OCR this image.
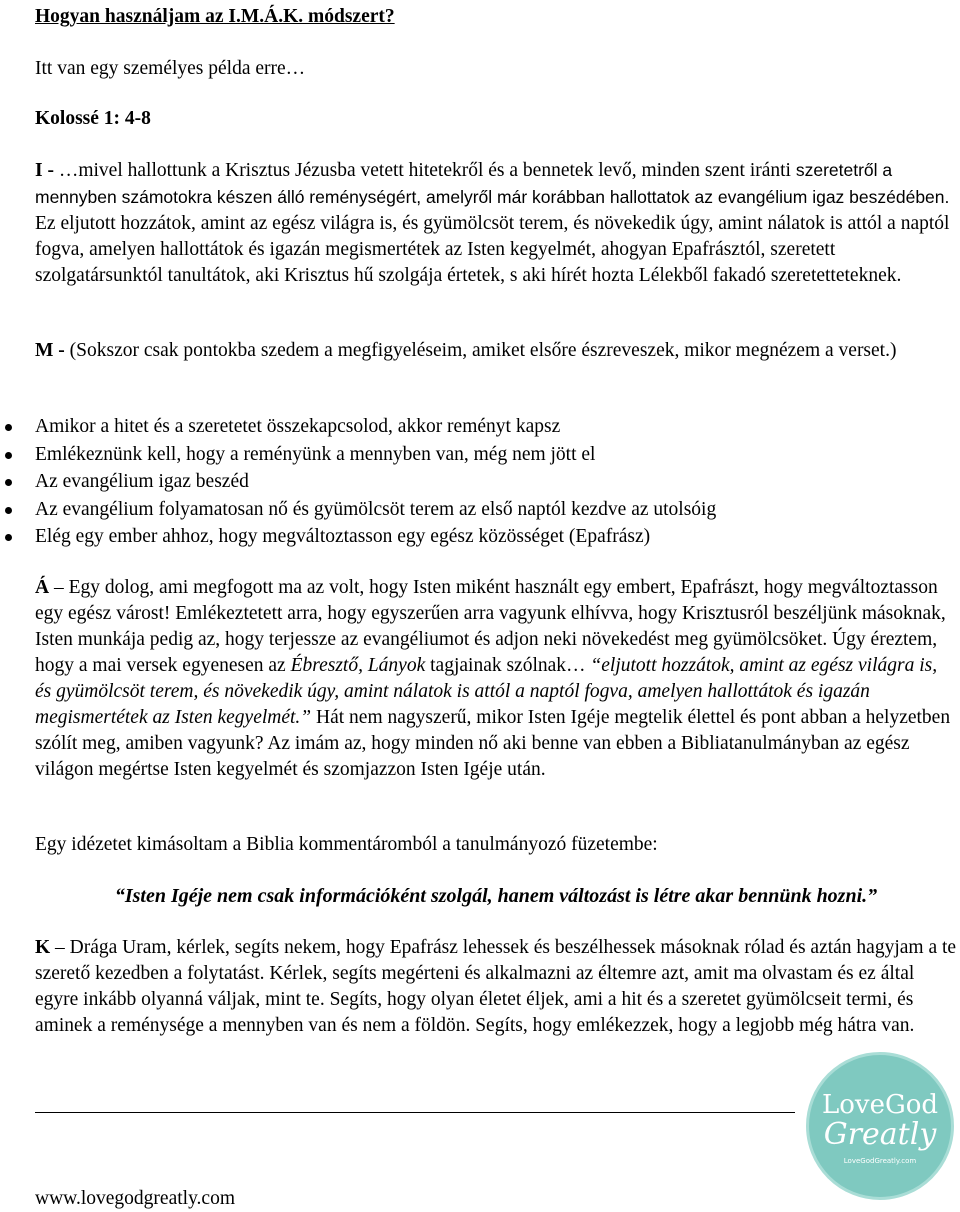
Hogyan használjam az I.M.Á.K. módszert?

Itt van egy személyes példa erre…

Kolossé 1: 4-8

I - …mivel hallottunk a Krisztus Jézusba vetett hitetekről és a bennetek levő, minden szent iránti szeretetről a mennyben számotokra készen álló reménységért, amelyről már korábban hallottatok az evangélium igaz beszédében. Ez eljutott hozzátok, amint az egész világra is, és gyümölcsöt terem, és növekedik úgy, amint nálatok is attól a naptól fogva, amelyen hallottátok és igazán megismertétek az Isten kegyelmét, ahogyan Epafrásztól, szeretett szolgatársunktól tanultátok, aki Krisztus hű szolgája értetek, s aki hírét hozta Lélekből fakadó szeretetteteknek.

M - (Sokszor csak pontokba szedem a megfigyeléseim, amiket elsőre észreveszek, mikor megnézem a verset.)

Amikor a hitet és a szeretetet összekapcsolod, akkor reményt kapsz
Emlékeznünk kell, hogy a reményünk a mennyben van, még nem jött el
Az evangélium igaz beszéd
Az evangélium folyamatosan nő és gyümölcsöt terem az első naptól kezdve az utolsóig
Elég egy ember ahhoz, hogy megváltoztasson egy egész közösséget (Epafrász)

Á – Egy dolog, ami megfogott ma az volt, hogy Isten miként használt egy embert, Epafrászt, hogy megváltoztasson egy egész várost! Emlékeztetett arra, hogy egyszerűen arra vagyunk elhívva, hogy Krisztusról beszéljünk másoknak, Isten munkája pedig az, hogy terjessze az evangéliumot és adjon neki növekedést meg gyümölcsöket. Úgy éreztem, hogy a mai versek egyenesen az Ébresztő, Lányok tagjainak szólnak… “eljutott hozzátok, amint az egész világra is, és gyümölcsöt terem, és növekedik úgy, amint nálatok is attól a naptól fogva, amelyen hallottátok és igazán megismertétek az Isten kegyelmét.” Hát nem nagyszerű, mikor Isten Igéje megtelik élettel és pont abban a helyzetben szólít meg, amiben vagyunk? Az imám az, hogy minden nő aki benne van ebben a Bibliatanulmányban az egész világon megértse Isten kegyelmét és szomjazzon Isten Igéje után.

Egy idézetet kimásoltam a Biblia kommentáromból a tanulmányozó füzetembe:

“Isten Igéje nem csak információként szolgál, hanem változást is létre akar bennünk hozni.”

K – Drága Uram, kérlek, segíts nekem, hogy Epafrász lehessek és beszélhessek másoknak rólad és aztán hagyjam a te szerető kezedben a folytatást. Kérlek, segíts megérteni és alkalmazni az éltemre azt, amit ma olvastam és ez által egyre inkább olyanná váljak, mint te. Segíts, hogy olyan életet éljek, ami a hit és a szeretet gyümölcseit termi, és aminek a reménysége a mennyben van és nem a földön. Segíts, hogy emlékezzek, hogy a legjobb még hátra van.

www.lovegodgreatly.com
LoveGod
Greatly
LoveGodGreatly.com
